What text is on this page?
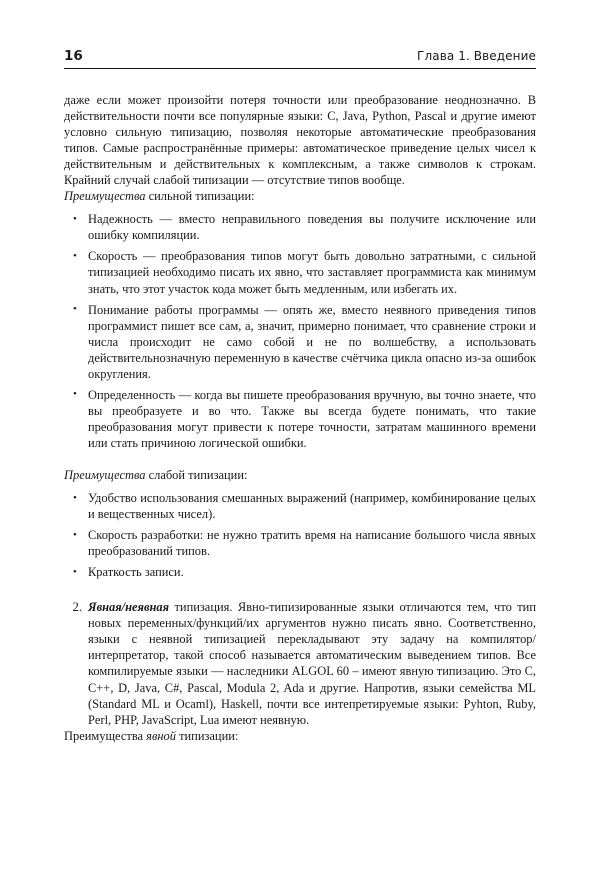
16	Глава 1. Введение

даже если может произойти потеря точности или преобразование неоднозначно. В действительности почти все популярные языки: C, Java, Python, Pascal и другие имеют условно сильную типизацию, позволяя некоторые автоматические преобразования типов. Самые распространённые примеры: автоматическое приведение целых чисел к действительным и действительных к комплексным, а также символов к строкам. Крайний случай слабой типизации — отсутствие типов вообще.

Преимущества сильной типизации:

• Надежность — вместо неправильного поведения вы получите исключение или ошибку компиляции.
• Скорость — преобразования типов могут быть довольно затратными, с сильной типизацией необходимо писать их явно, что заставляет программиста как минимум знать, что этот участок кода может быть медленным, или избегать их.
• Понимание работы программы — опять же, вместо неявного приведения типов программист пишет все сам, а, значит, примерно понимает, что сравнение строки и числа происходит не само собой и не по волшебству, а использовать действительнозначную переменную в качестве счётчика цикла опасно из-за ошибок округления.
• Определенность — когда вы пишете преобразования вручную, вы точно знаете, что вы преобразуете и во что. Также вы всегда будете понимать, что такие преобразования могут привести к потере точности, затратам машинного времени или стать причиною логической ошибки.

Преимущества слабой типизации:

• Удобство использования смешанных выражений (например, комбинирование целых и вещественных чисел).
• Скорость разработки: не нужно тратить время на написание большого числа явных преобразований типов.
• Краткость записи.

2. Явная/неявная типизация. Явно-типизированные языки отличаются тем, что тип новых переменных/функций/их аргументов нужно писать явно. Соответственно, языки с неявной типизацией перекладывают эту задачу на компилятор/интерпретатор, такой способ называется автоматическим выведением типов. Все компилируемые языки — наследники ALGOL 60 – имеют явную типизацию. Это C, C++, D, Java, C#, Pascal, Modula 2, Ada и другие. Напротив, языки семейства ML (Standard ML и Ocaml), Haskell, почти все интепретируемые языки: Pyhton, Ruby, Perl, PHP, JavaScript, Lua имеют неявную.

Преимущества явной типизации:
